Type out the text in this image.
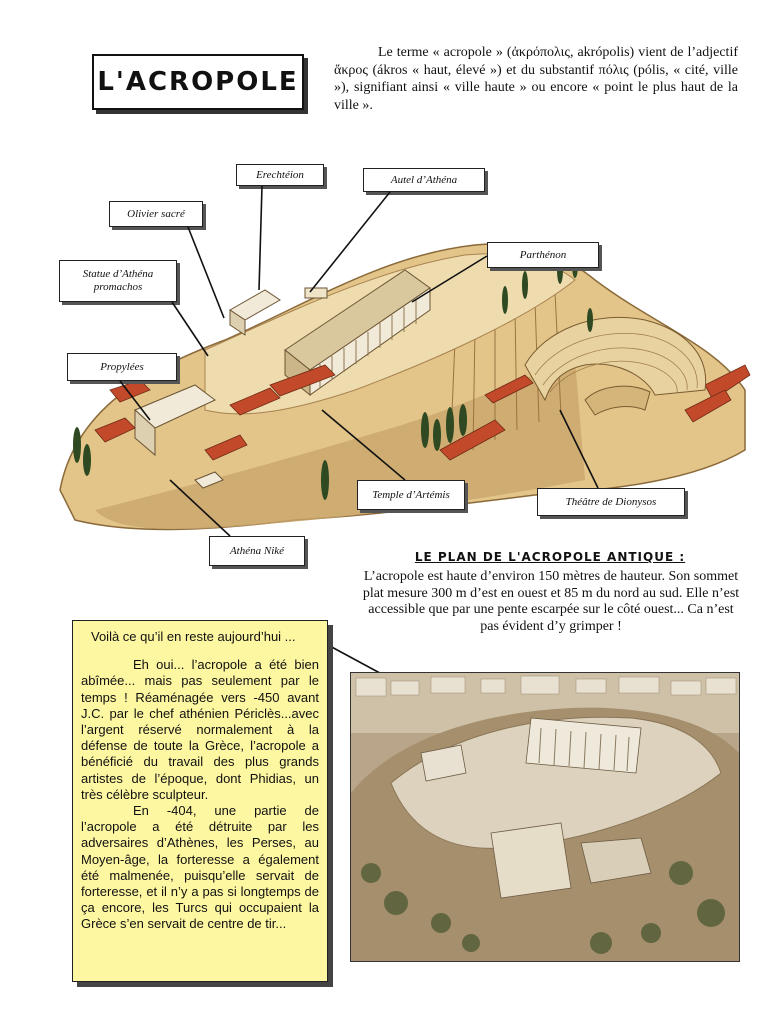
L'ACROPOLE
Le terme « acropole » (ἀκρόπολις, akrópolis) vient de l’adjectif ἄκρος (ákros « haut, élevé ») et du substantif πόλις (pólis, « cité, ville »), signifiant ainsi « ville haute » ou encore « point le plus haut de la ville ».
Erechtéion	Autel d’Athéna
Olivier sacré
Parthénon
Statue d’Athéna
promachos
Propylées
Temple d’Artémis
Théâtre de Dionysos
Athéna Niké	LE PLAN DE L'ACROPOLE ANTIQUE :
L’acropole est haute d’environ 150 mètres de hauteur. Son sommet plat mesure 300 m d’est en ouest et 85 m du nord au sud. Elle n’est accessible que par une pente escarpée sur le côté ouest... Ca n’est pas évident d’y grimper !
Voilà ce qu’il en reste aujourd’hui ...

Eh oui... l’acropole a été bien abîmée... mais pas seulement par le temps ! Réaménagée vers -450 avant J.C. par le chef athénien Périclès...avec l’argent réservé normalement à la défense de toute la Grèce, l’acropole a bénéficié du travail des plus grands artistes de l’époque, dont Phidias, un très célèbre sculpteur.

En -404, une partie de l’acropole a été détruite par les adversaires d’Athènes, les Perses, au Moyen-âge, la forteresse a également été malmenée, puisqu’elle servait de forteresse, et il n’y a pas si longtemps de ça encore, les Turcs qui occupaient la Grèce s’en servait de centre de tir...
